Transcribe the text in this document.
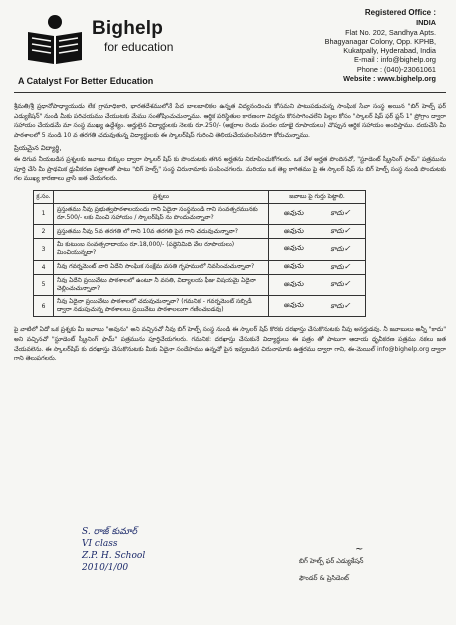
Bighelp
for education
A Catalyst For Better Education
Registered Office :
INDIA
Flat No. 202, Sandhya Apts.
Bhagyanagar Colony, Opp. KPHB,
Kukatpally, Hyderabad, India
E-mail : info@bighelp.org
Phone : (040)-23061061
Website : www.bighelp.org

శ్రీమతి/శ్రీ ప్రధానోపాధ్యాయుడు లేక గ్రామాధికారి, భారతదేశములోనే పేద బాలబాలికల ఉన్నత విద్యనందించు కోసమని పాటుపడుచున్న సాంఘిక సేవా సంస్థ అయిన "బిగ్ హెల్ప్ ఫర్ ఎడ్యుకేషన్" నుండి మీకు పరిచయము చేయుటకు మేము సంతోషించుచున్నాము. ఆర్థిక పరిస్థితుల కారణంగా విద్యను కొనసాగించలేని పిల్లల కోసం "స్కాలర్ షిప్ ఫర్ ప్లస్ 1" ప్రోగ్రాం ద్వారా సహాయం చేయడమే మా సంస్థ ముఖ్య ఉద్దేశ్యం. అర్హులైన విద్యార్థులకు నెలకు రూ.250/- (అక్షరాల రెండు వందల యాభై రూపాయలు) చొప్పున ఆర్థిక సహాయం అందిస్తాము. దయచేసి మీ పాఠశాలలో 5 నుండి 10 వ తరగతి చదువుతున్న విద్యార్థులకు ఈ స్కాలర్‌షిప్ గురించి తెలియచేయవలసినదిగా కోరుచున్నాము.

ప్రియమైన విద్యార్థి,

ఈ దిగువ నీయబడిన ప్రశ్నలకు జవాబు బిక్కుల ద్వారా స్కాలర్ షిప్ కు పొందుటకు తగిన అర్హతను నిరూపించుకోగలరు. ఒక వేళ అర్హత పొందినచో, "స్టూడెంట్ స్క్రీనింగ్ ఫామ్" పత్రమును పూర్తి చేసి మీ ప్రాథమిక ధ్రువీకరణ పత్రాలతో పాటు "బిగ్ హెల్ప్" సంస్థ చిరునామాకు పంపించగలరు. మరియు ఒక తెల్ల కాగితము పై ఈ స్కాలర్ షిప్ ను బిగ్ హెల్ప్ సంస్థ నుండి పొందుటకు గల ముఖ్య కారణాలు వ్రాసి జత చేయగలరు.

క్ర.సం.	ప్రశ్నలు	జవాబు పై గుర్తు పెట్టాలి.
1	ప్రస్తుతము నీవు ప్రభుత్వపాఠశాలయందు గాని ఏదైనా సంస్థనుండి గాని సంవత్సరమునకు రూ.500/- లకు మించి సహాయం / స్కాలర్‌షిప్ ను పొందుచున్నావా?	అవును కాదు✓

2	ప్రస్తుతము నీవు 5వ తరగతి లో గాని 10వ తరగతి పైన గాని చదువుచున్నావా?	అవును కాదు✓

3	మీ కుటుంబ సంవత్సరాదాయం రూ.18,000/- (పద్దెనిమిది వేల రూపాయలు) మించియున్నదా?	అవును కాదు✓

4	నీవు గవర్నమెంట్ వారి ఏదేని సాంఘిక సంక్షేమ వసతి గృహములో నివసించుచున్నావా?	అవును కాదు✓

5	నీవు ఏదేని ప్రయివేటు పాఠశాలలో ఉంటూ నీ వసతి, విద్యాలయ ఫీజు విషయమై ఏదైనా చెల్లించుచున్నావా?	అవును కాదు✓

6	నీవు ఏదైనా ప్రయివేటు పాఠశాలలో చదువుచున్నావా? (గమనిక - గవర్నమెంట్ సబ్సిడీ ద్వారా నడుపుచున్న పాఠశాలలు ప్రయివేటు పాఠశాలలుగా గణించబడవు)	అవును కాదు✓

పై వాటిలో ఏదో ఒక ప్రశ్నకు మీ జవాబు "అవును" అని వచ్చినచో నీవు బిగ్ హెల్ప్ సంస్థ నుండి ఈ స్కాలర్ షిప్ కొరకు దరఖాస్తు చేసుకొనుటకు నీవు అనర్హుడవు. నీ జవాబులు అన్నీ "కాదు" అని వచ్చినచో "స్టూడెంట్ స్క్రీనింగ్ ఫామ్" పత్రమును పూర్తిచేయగలరు. గమనిక: దరఖాస్తు చేసుకునే విద్యార్థులు ఈ పత్రం తో పాటుగా ఆదాయ ధృవీకరణ పత్రము నకలు జత చేయవలెను. ఈ స్కాలర్‌షిప్ కు దరఖాస్తు చేసుకొనుటకు మీకు ఏదైనా సందేహము ఉన్నచో పైన ఇవ్వబడిన చిరునామాకు ఉత్తరము ద్వారా గాని, ఈ-మెయిల్ info@bighelp.org ద్వారా గాని తెలుపగలరు.

S. రాజ్ కుమార్
VI class
Z.P. H. School
2010/1/00
~
బిగ్ హెల్ప్ ఫర్ ఎడ్యుకేషన్
ఫౌండర్ & ప్రెసిడెంట్
